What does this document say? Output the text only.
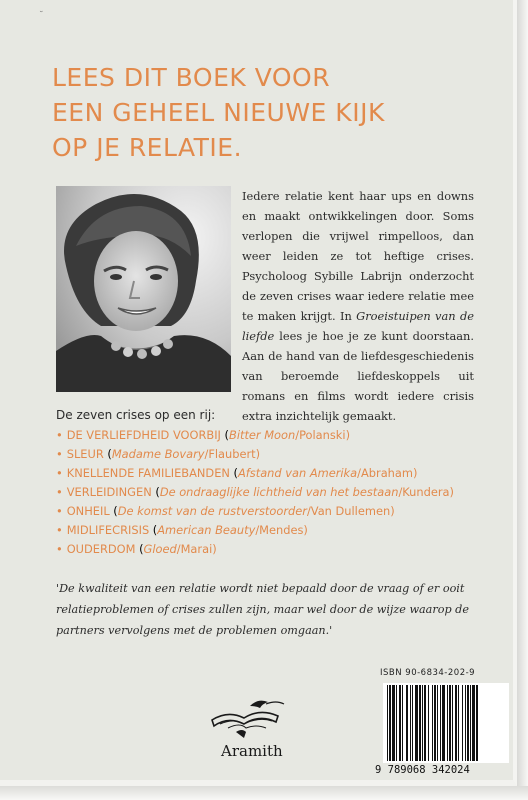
˘
LEES DIT BOEK VOOR
EEN GEHEEL NIEUWE KIJK
OP JE RELATIE.

Iedere relatie kent haar ups en downs en maakt ontwikkelingen door. Soms verlopen die vrijwel rimpelloos, dan weer leiden ze tot heftige crises. Psycholoog Sybille Labrijn onderzocht de zeven crises waar iedere relatie mee te maken krijgt. In Groeistuipen van de liefde lees je hoe je ze kunt doorstaan. Aan de hand van de liefdesgeschiedenis van beroemde liefdeskoppels uit romans en films wordt iedere crisis extra inzichtelijk gemaakt.

De zeven crises op een rij:
• DE VERLIEFDHEID VOORBIJ (Bitter Moon/Polanski)
• SLEUR (Madame Bovary/Flaubert)
• KNELLENDE FAMILIEBANDEN (Afstand van Amerika/Abraham)
• VERLEIDINGEN (De ondraaglijke lichtheid van het bestaan/Kundera)
• ONHEIL (De komst van de rustverstoorder/Van Dullemen)
• MIDLIFECRISIS (American Beauty/Mendes)
• OUDERDOM (Gloed/Marai)

'De kwaliteit van een relatie wordt niet bepaald door de vraag of er ooit relatieproblemen of crises zullen zijn, maar wel door de wijze waarop de partners vervolgens met de problemen omgaan.'

ISBN 90-6834-202-9
9 789068 342024
Aramith
